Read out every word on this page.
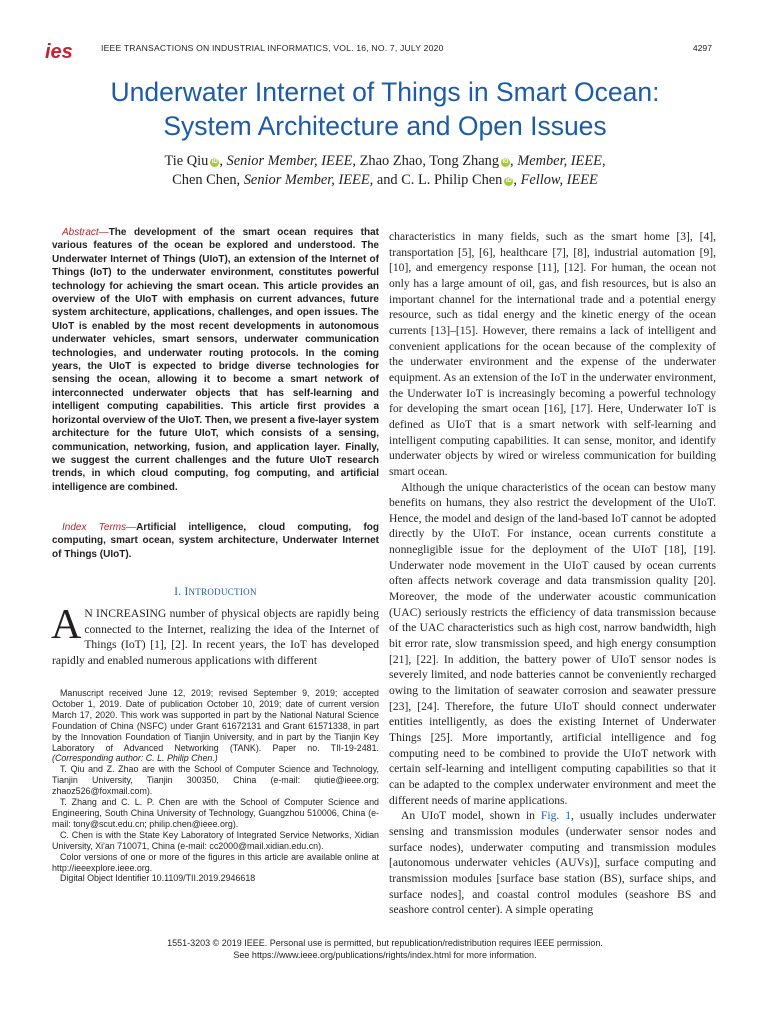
ies	IEEE TRANSACTIONS ON INDUSTRIAL INFORMATICS, VOL. 16, NO. 7, JULY 2020	4297
Underwater Internet of Things in Smart Ocean:
System Architecture and Open Issues
Tie Qiu iD , Senior Member, IEEE, Zhao Zhao, Tong Zhang iD , Member, IEEE,
Chen Chen, Senior Member, IEEE, and C. L. Philip Chen iD , Fellow, IEEE
Abstract—The development of the smart ocean requires that various features of the ocean be explored and understood. The Underwater Internet of Things (UIoT), an extension of the Internet of Things (IoT) to the underwater environment, constitutes powerful technology for achieving the smart ocean. This article provides an overview of the UIoT with emphasis on current advances, future system architecture, applications, challenges, and open issues. The UIoT is enabled by the most recent developments in autonomous underwater vehicles, smart sensors, underwater communication technologies, and underwater routing protocols. In the coming years, the UIoT is expected to bridge diverse technologies for sensing the ocean, allowing it to become a smart network of interconnected underwater objects that has self-learning and intelligent computing capabilities. This article first provides a horizontal overview of the UIoT. Then, we present a five-layer system architecture for the future UIoT, which consists of a sensing, communication, networking, fusion, and application layer. Finally, we suggest the current challenges and the future UIoT research trends, in which cloud computing, fog computing, and artificial intelligence are combined.
Index Terms—Artificial intelligence, cloud computing, fog computing, smart ocean, system architecture, Underwater Internet of Things (UIoT).
I. INTRODUCTION
A N INCREASING number of physical objects are rapidly being connected to the Internet, realizing the idea of the Internet of Things (IoT) [1], [2]. In recent years, the IoT has developed rapidly and enabled numerous applications with different

Manuscript received June 12, 2019; revised September 9, 2019; accepted October 1, 2019. Date of publication October 10, 2019; date of current version March 17, 2020. This work was supported in part by the National Natural Science Foundation of China (NSFC) under Grant 61672131 and Grant 61571338, in part by the Innovation Foundation of Tianjin University, and in part by the Tianjin Key Laboratory of Advanced Networking (TANK). Paper no. TII-19-2481. (Corresponding author: C. L. Philip Chen.)

T. Qiu and Z. Zhao are with the School of Computer Science and Technology, Tianjin University, Tianjin 300350, China (e-mail: qiutie@ieee.org; zhaoz526@foxmail.com).

T. Zhang and C. L. P. Chen are with the School of Computer Science and Engineering, South China University of Technology, Guangzhou 510006, China (e-mail: tony@scut.edu.cn; philip.chen@ieee.org).

C. Chen is with the State Key Laboratory of Integrated Service Networks, Xidian University, Xi'an 710071, China (e-mail: cc2000@mail.xidian.edu.cn).

Color versions of one or more of the figures in this article are available online at http://ieeexplore.ieee.org.

Digital Object Identifier 10.1109/TII.2019.2946618

characteristics in many fields, such as the smart home [3], [4], transportation [5], [6], healthcare [7], [8], industrial automation [9], [10], and emergency response [11], [12]. For human, the ocean not only has a large amount of oil, gas, and fish resources, but is also an important channel for the international trade and a potential energy resource, such as tidal energy and the kinetic energy of the ocean currents [13]–[15]. However, there remains a lack of intelligent and convenient applications for the ocean because of the complexity of the underwater environment and the expense of the underwater equipment. As an extension of the IoT in the underwater environment, the Underwater IoT is increasingly becoming a powerful technology for developing the smart ocean [16], [17]. Here, Underwater IoT is defined as UIoT that is a smart network with self-learning and intelligent computing capabilities. It can sense, monitor, and identify underwater objects by wired or wireless communication for building smart ocean.

Although the unique characteristics of the ocean can bestow many benefits on humans, they also restrict the development of the UIoT. Hence, the model and design of the land-based IoT cannot be adopted directly by the UIoT. For instance, ocean currents constitute a nonnegligible issue for the deployment of the UIoT [18], [19]. Underwater node movement in the UIoT caused by ocean currents often affects network coverage and data transmission quality [20]. Moreover, the mode of the underwater acoustic communication (UAC) seriously restricts the efficiency of data transmission because of the UAC characteristics such as high cost, narrow bandwidth, high bit error rate, slow transmission speed, and high energy consumption [21], [22]. In addition, the battery power of UIoT sensor nodes is severely limited, and node batteries cannot be conveniently recharged owing to the limitation of seawater corrosion and seawater pressure [23], [24]. Therefore, the future UIoT should connect underwater entities intelligently, as does the existing Internet of Underwater Things [25]. More importantly, artificial intelligence and fog computing need to be combined to provide the UIoT network with certain self-learning and intelligent computing capabilities so that it can be adapted to the complex underwater environment and meet the different needs of marine applications.

An UIoT model, shown in Fig. 1, usually includes underwater sensing and transmission modules (underwater sensor nodes and surface nodes), underwater computing and transmission modules [autonomous underwater vehicles (AUVs)], surface computing and transmission modules [surface base station (BS), surface ships, and surface nodes], and coastal control modules (seashore BS and seashore control center). A simple operating

1551-3203 © 2019 IEEE. Personal use is permitted, but republication/redistribution requires IEEE permission.
See https://www.ieee.org/publications/rights/index.html for more information.
